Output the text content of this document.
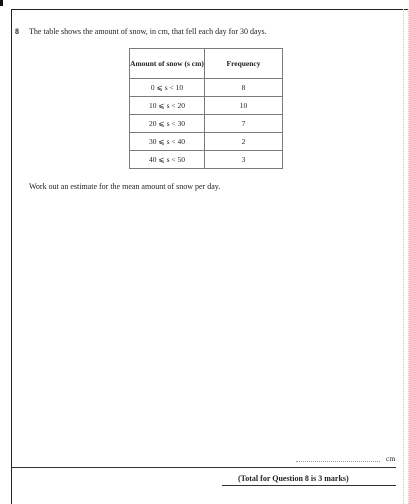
8 The table shows the amount of snow, in cm, that fell each day for 30 days.
Amount of snow (s cm)	Frequency
0 ⩽ s < 10	8
10 ⩽ s < 20	10
20 ⩽ s < 30	7
30 ⩽ s < 40	2
40 ⩽ s < 50	3
Work out an estimate for the mean amount of snow per day.
cm
(Total for Question 8 is 3 marks)
